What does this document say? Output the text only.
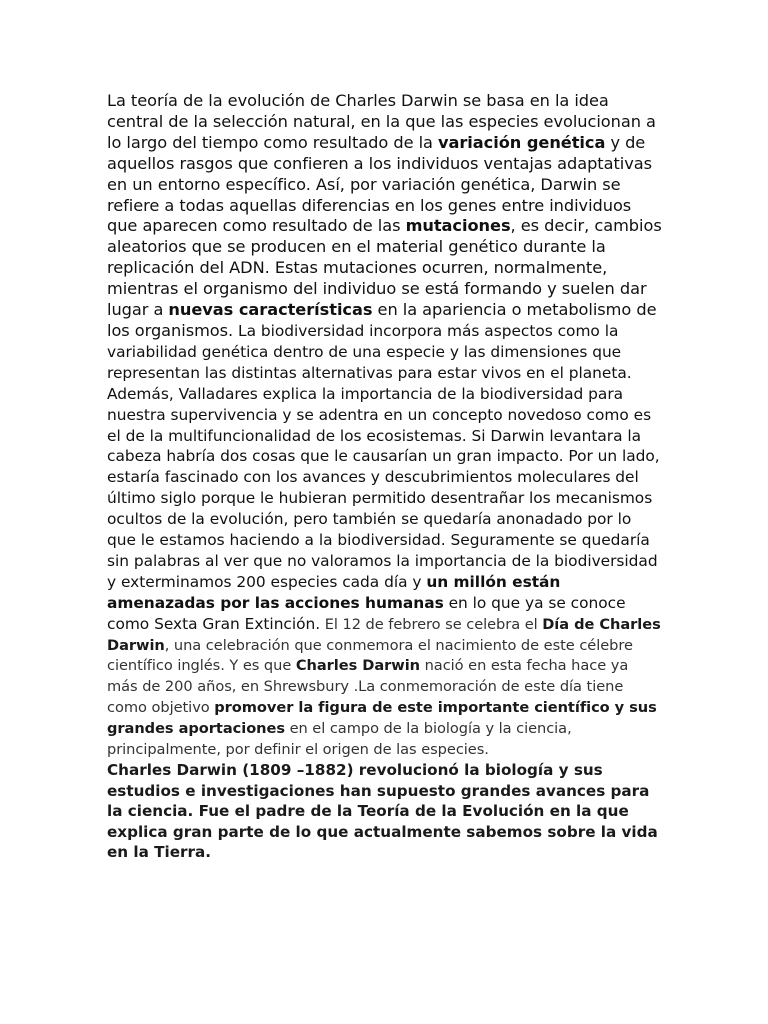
La teoría de la evolución de Charles Darwin se basa en la idea central de la selección natural, en la que las especies evolucionan a lo largo del tiempo como resultado de la variación genética y de aquellos rasgos que confieren a los individuos ventajas adaptativas en un entorno específico. Así, por variación genética, Darwin se refiere a todas aquellas diferencias en los genes entre individuos que aparecen como resultado de las mutaciones, es decir, cambios aleatorios que se producen en el material genético durante la replicación del ADN. Estas mutaciones ocurren, normalmente, mientras el organismo del individuo se está formando y suelen dar lugar a nuevas características en la apariencia o metabolismo de los organismos. La biodiversidad incorpora más aspectos como la variabilidad genética dentro de una especie y las dimensiones que representan las distintas alternativas para estar vivos en el planeta. Además, Valladares explica la importancia de la biodiversidad para nuestra supervivencia y se adentra en un concepto novedoso como es el de la multifuncionalidad de los ecosistemas. Si Darwin levantara la cabeza habría dos cosas que le causarían un gran impacto. Por un lado, estaría fascinado con los avances y descubrimientos moleculares del último siglo porque le hubieran permitido desentrañar los mecanismos ocultos de la evolución, pero también se quedaría anonadado por lo que le estamos haciendo a la biodiversidad. Seguramente se quedaría sin palabras al ver que no valoramos la importancia de la biodiversidad y exterminamos 200 especies cada día y un millón están amenazadas por las acciones humanas en lo que ya se conoce como Sexta Gran Extinción. El 12 de febrero se celebra el Día de Charles Darwin, una celebración que conmemora el nacimiento de este célebre científico inglés. Y es que Charles Darwin nació en esta fecha hace ya más de 200 años, en Shrewsbury .La conmemoración de este día tiene como objetivo promover la figura de este importante científico y sus grandes aportaciones en el campo de la biología y la ciencia, principalmente, por definir el origen de las especies.
Charles Darwin (1809 –1882) revolucionó la biología y sus estudios e investigaciones han supuesto grandes avances para la ciencia. Fue el padre de la Teoría de la Evolución en la que explica gran parte de lo que actualmente sabemos sobre la vida en la Tierra.
